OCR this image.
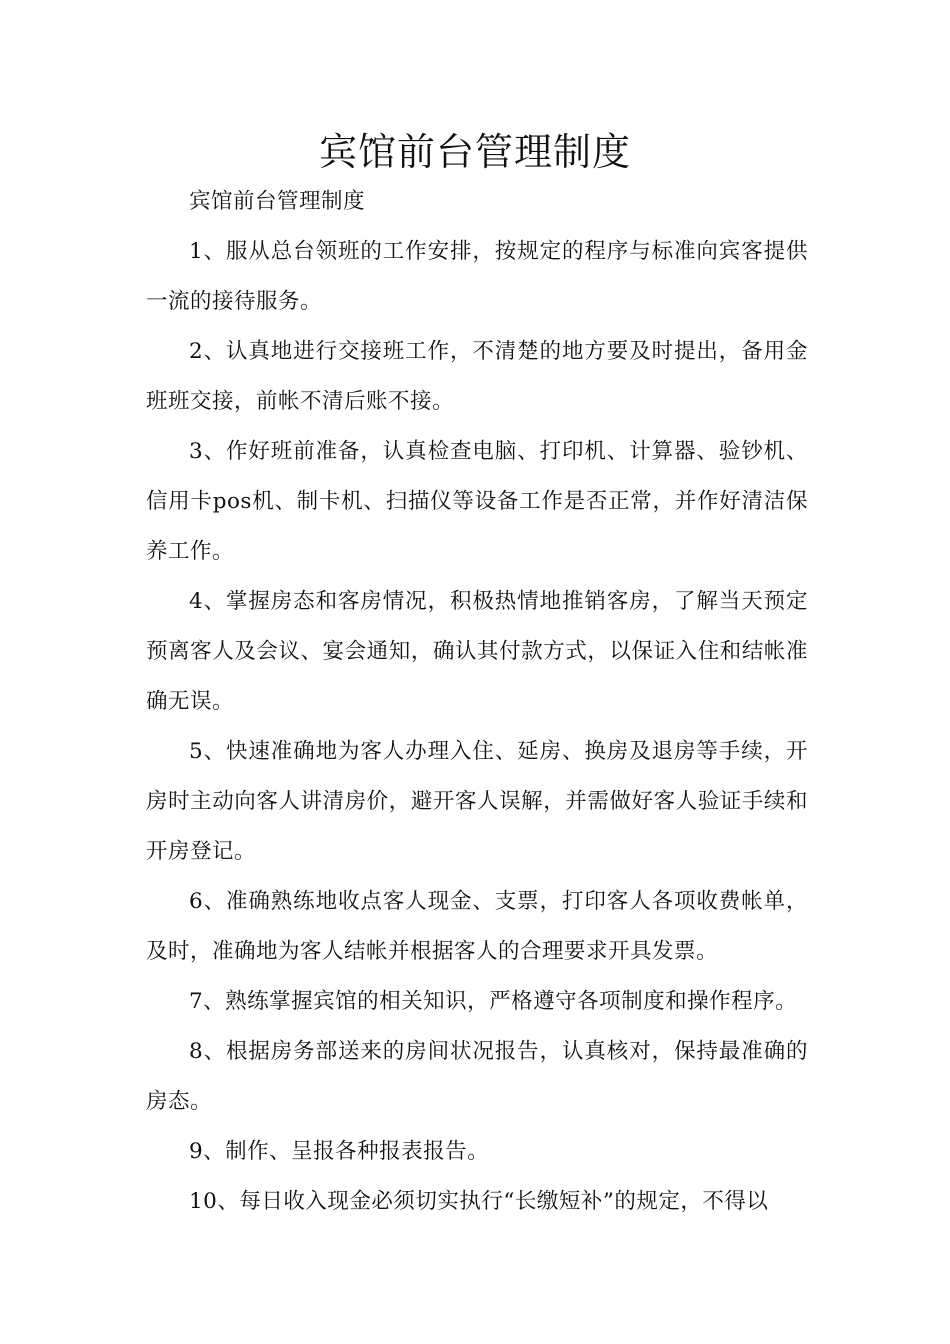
宾馆前台管理制度

宾馆前台管理制度

1、服从总台领班的工作安排，按规定的程序与标准向宾客提供一流的接待服务。

2、认真地进行交接班工作，不清楚的地方要及时提出，备用金班班交接，前帐不清后账不接。

3、作好班前准备，认真检查电脑、打印机、计算器、验钞机、信用卡pos机、制卡机、扫描仪等设备工作是否正常，并作好清洁保养工作。

4、掌握房态和客房情况，积极热情地推销客房，了解当天预定预离客人及会议、宴会通知，确认其付款方式，以保证入住和结帐准确无误。

5、快速准确地为客人办理入住、延房、换房及退房等手续，开房时主动向客人讲清房价，避开客人误解，并需做好客人验证手续和开房登记。

6、准确熟练地收点客人现金、支票，打印客人各项收费帐单，及时，准确地为客人结帐并根据客人的合理要求开具发票。

7、熟练掌握宾馆的相关知识，严格遵守各项制度和操作程序。

8、根据房务部送来的房间状况报告，认真核对，保持最准确的房态。

9、制作、呈报各种报表报告。

10、每日收入现金必须切实执行“长缴短补”的规定，不得以
